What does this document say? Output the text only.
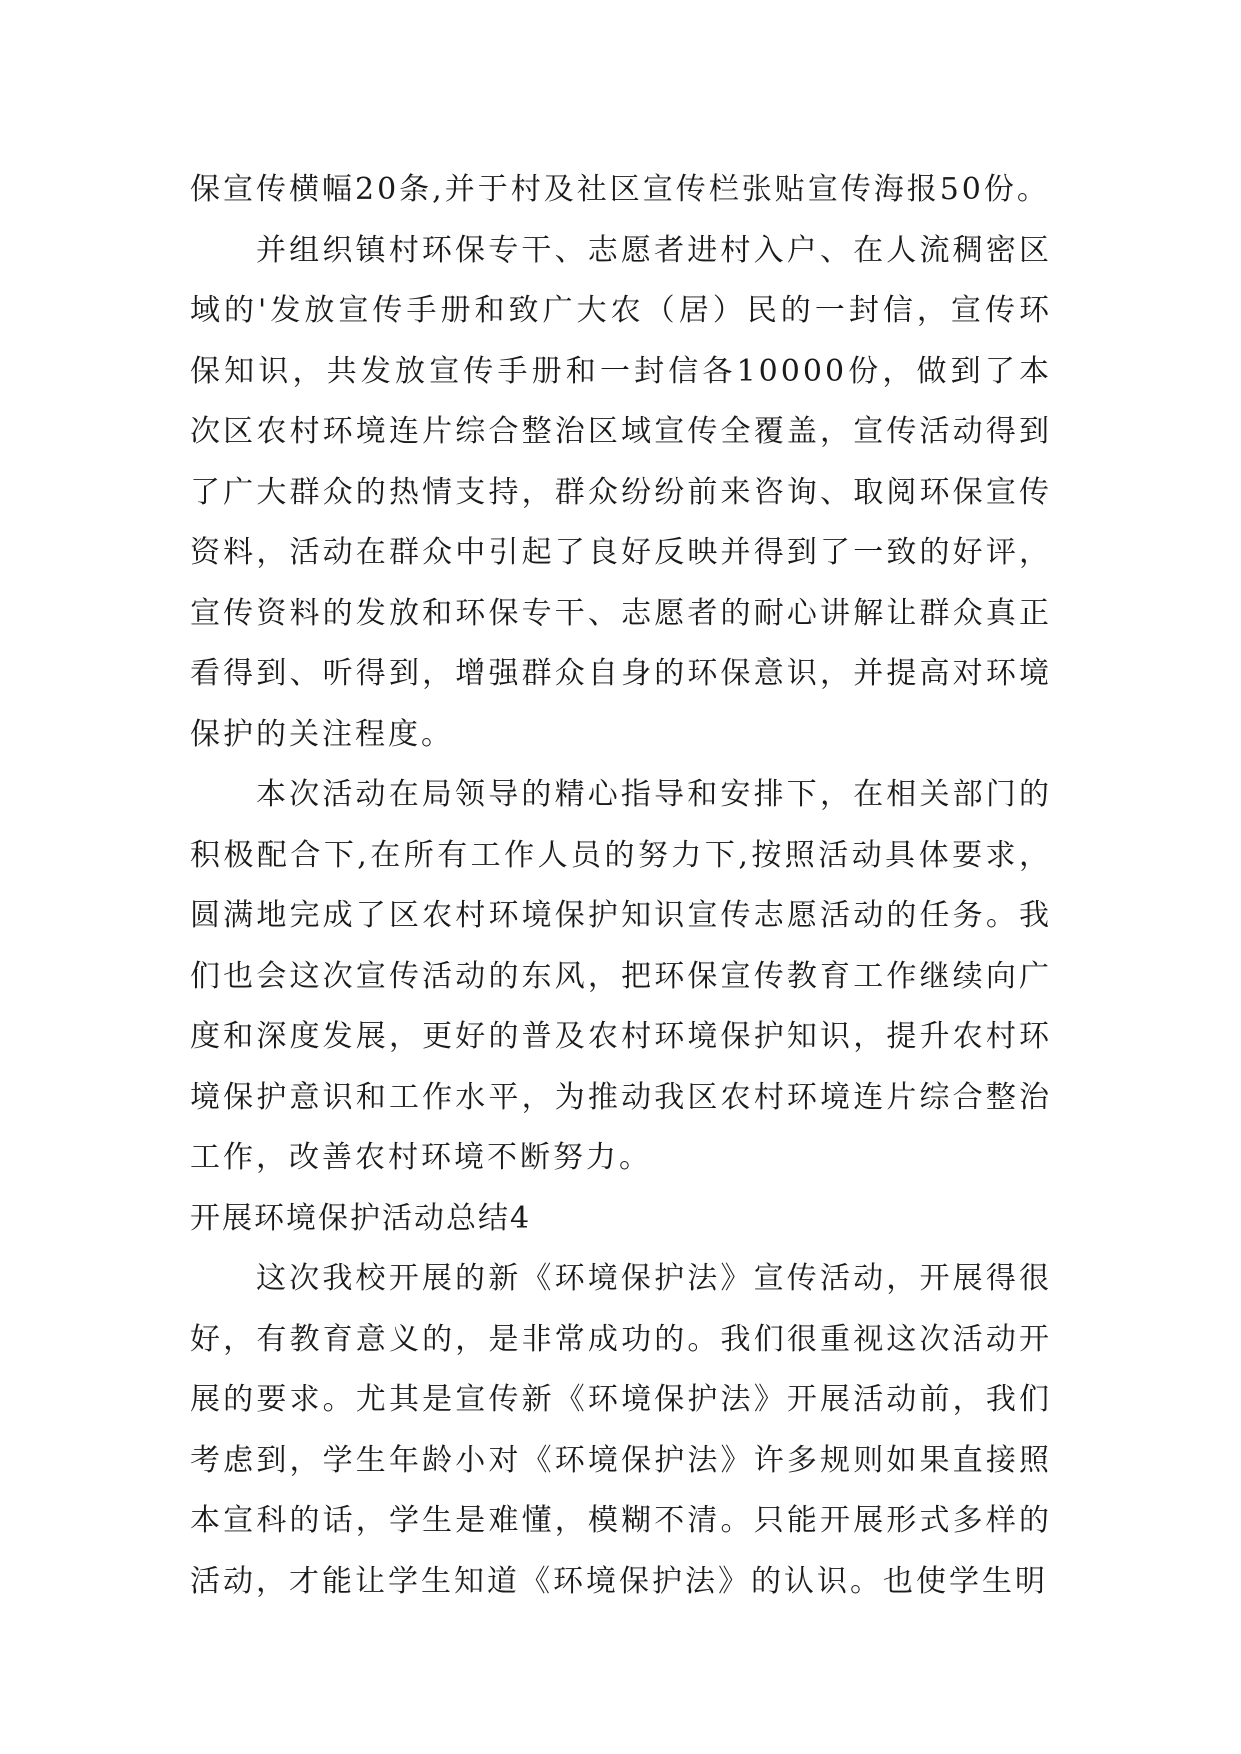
保宣传横幅20条,并于村及社区宣传栏张贴宣传海报50份。

并组织镇村环保专干、志愿者进村入户、在人流稠密区域的'发放宣传手册和致广大农（居）民的一封信，宣传环保知识，共发放宣传手册和一封信各10000份，做到了本次区农村环境连片综合整治区域宣传全覆盖，宣传活动得到了广大群众的热情支持，群众纷纷前来咨询、取阅环保宣传资料，活动在群众中引起了良好反映并得到了一致的好评，宣传资料的发放和环保专干、志愿者的耐心讲解让群众真正看得到、听得到，增强群众自身的环保意识，并提高对环境保护的关注程度。

本次活动在局领导的精心指导和安排下，在相关部门的积极配合下,在所有工作人员的努力下,按照活动具体要求，圆满地完成了区农村环境保护知识宣传志愿活动的任务。我们也会这次宣传活动的东风，把环保宣传教育工作继续向广度和深度发展，更好的普及农村环境保护知识，提升农村环境保护意识和工作水平，为推动我区农村环境连片综合整治工作，改善农村环境不断努力。

开展环境保护活动总结4

这次我校开展的新《环境保护法》宣传活动，开展得很好，有教育意义的，是非常成功的。我们很重视这次活动开展的要求。尤其是宣传新《环境保护法》开展活动前，我们考虑到，学生年龄小对《环境保护法》许多规则如果直接照本宣科的话，学生是难懂，模糊不清。只能开展形式多样的活动，才能让学生知道《环境保护法》的认识。也使学生明
